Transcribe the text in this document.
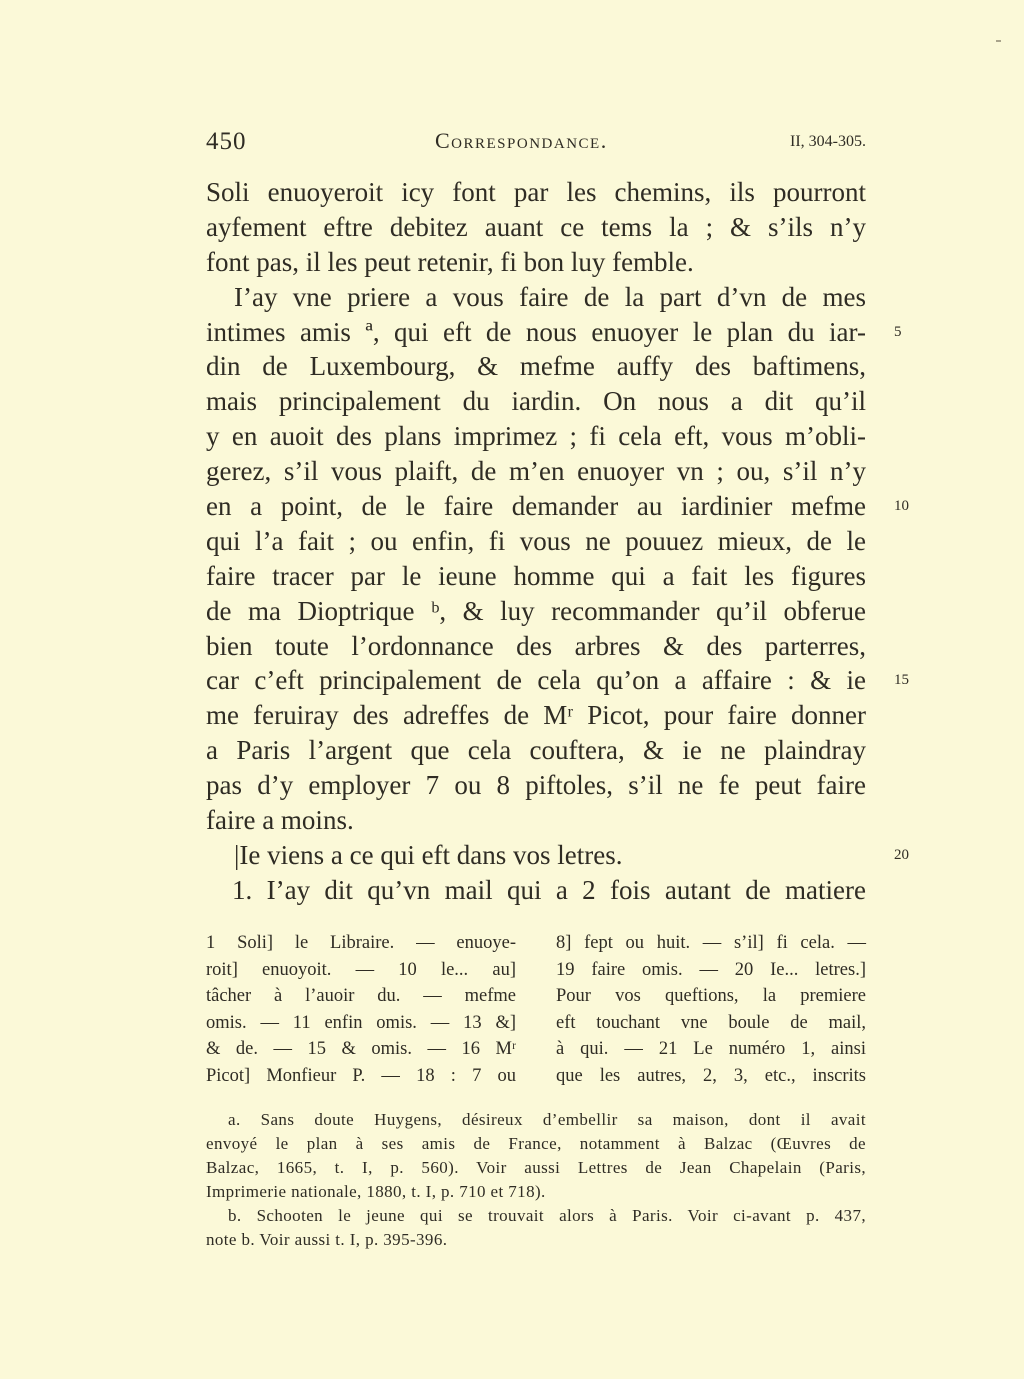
450	Correspondance.	II, 304-305.
Soli enuoyeroit icy font par les chemins, ils pourront
ayfement eftre debitez auant ce tems la ; & s’ils n’y
font pas, il les peut retenir, fi bon luy femble.
I’ay vne priere a vous faire de la part d’vn de mes
intimes amis ª, qui eft de nous enuoyer le plan du iar- 5
din de Luxembourg, & mefme auffy des baftimens,
mais principalement du iardin. On nous a dit qu’il
y en auoit des plans imprimez ; fi cela eft, vous m’obli-
gerez, s’il vous plaift, de m’en enuoyer vn ; ou, s’il n’y
en a point, de le faire demander au iardinier mefme 10
qui l’a fait ; ou enfin, fi vous ne pouuez mieux, de le
faire tracer par le ieune homme qui a fait les figures
de ma Dioptrique ᵇ, & luy recommander qu’il obferue
bien toute l’ordonnance des arbres & des parterres,
car c’eft principalement de cela qu’on a affaire : & ie 15
me feruiray des adreffes de Mʳ Picot, pour faire donner
a Paris l’argent que cela couftera, & ie ne plaindray
pas d’y employer 7 ou 8 piftoles, s’il ne fe peut faire
faire a moins.
|Ie viens a ce qui eft dans vos letres.	20
1. I’ay dit qu’vn mail qui a 2 fois autant de matiere
1 Soli] le Libraire. — enuoye-
roit] enuoyoit. — 10 le... au]
tâcher à l’auoir du. — mefme
omis. — 11 enfin omis. — 13 &]
& de. — 15 & omis. — 16 Mʳ
Picot] Monfieur P. — 18 : 7 ou
8] fept ou huit. — s’il] fi cela. —
19 faire omis. — 20 Ie... letres.]
Pour vos queftions, la premiere
eft touchant vne boule de mail,
à qui. — 21 Le numéro 1, ainsi
que les autres, 2, 3, etc., inscrits
a. Sans doute Huygens, désireux d’embellir sa maison, dont il avait
envoyé le plan à ses amis de France, notamment à Balzac (Œuvres de
Balzac, 1665, t. I, p. 560). Voir aussi Lettres de Jean Chapelain (Paris,
Imprimerie nationale, 1880, t. I, p. 710 et 718).
b. Schooten le jeune qui se trouvait alors à Paris. Voir ci-avant p. 437,
note b. Voir aussi t. I, p. 395-396.
